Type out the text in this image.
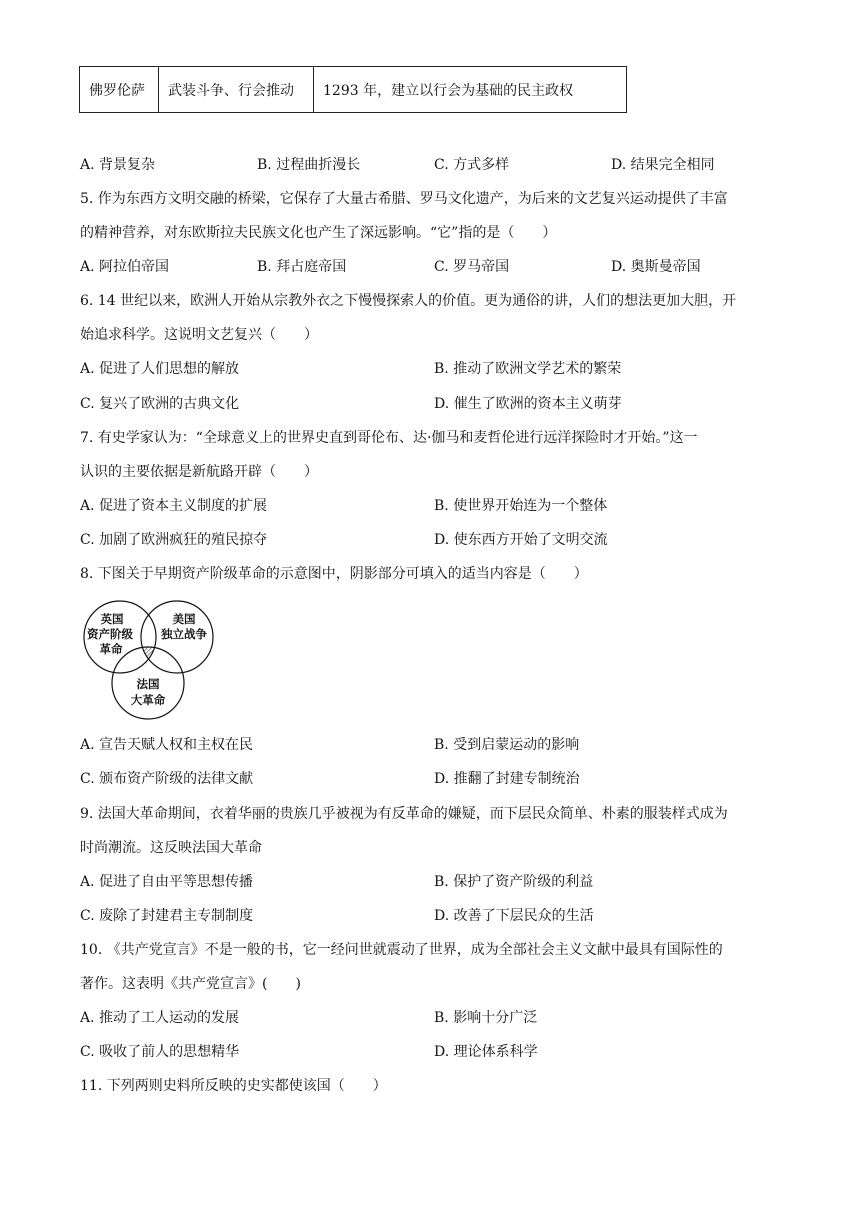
佛罗伦萨	武装斗争、行会推动	1293 年，建立以行会为基础的民主政权
A. 背景复杂	B. 过程曲折漫长	C. 方式多样	D. 结果完全相同
5. 作为东西方文明交融的桥梁，它保存了大量古希腊、罗马文化遗产，为后来的文艺复兴运动提供了丰富
的精神营养，对东欧斯拉夫民族文化也产生了深远影响。“它”指的是（　　）
A. 阿拉伯帝国	B. 拜占庭帝国	C. 罗马帝国	D. 奥斯曼帝国
6. 14 世纪以来，欧洲人开始从宗教外衣之下慢慢探索人的价值。更为通俗的讲，人们的想法更加大胆，开
始追求科学。这说明文艺复兴（　　）
A. 促进了人们思想的解放	B. 推动了欧洲文学艺术的繁荣
C. 复兴了欧洲的古典文化	D. 催生了欧洲的资本主义萌芽
7. 有史学家认为：“全球意义上的世界史直到哥伦布、达·伽马和麦哲伦进行远洋探险时才开始。”这一
认识的主要依据是新航路开辟（　　）
A. 促进了资本主义制度的扩展	B. 使世界开始连为一个整体
C. 加剧了欧洲疯狂的殖民掠夺	D. 使东西方开始了文明交流
8. 下图关于早期资产阶级革命的示意图中，阴影部分可填入的适当内容是（　　）
英国
资产阶级
革命
美国
独立战争
法国
大革命
A. 宣告天赋人权和主权在民	B. 受到启蒙运动的影响
C. 颁布资产阶级的法律文献	D. 推翻了封建专制统治
9. 法国大革命期间，衣着华丽的贵族几乎被视为有反革命的嫌疑，而下层民众简单、朴素的服装样式成为
时尚潮流。这反映法国大革命
A. 促进了自由平等思想传播	B. 保护了资产阶级的利益
C. 废除了封建君主专制制度	D. 改善了下层民众的生活
10. 《共产党宣言》不是一般的书，它一经问世就震动了世界，成为全部社会主义文献中最具有国际性的
著作。这表明《共产党宣言》(　　)
A. 推动了工人运动的发展	B. 影响十分广泛
C. 吸收了前人的思想精华	D. 理论体系科学
11. 下列两则史料所反映的史实都使该国（　　）
